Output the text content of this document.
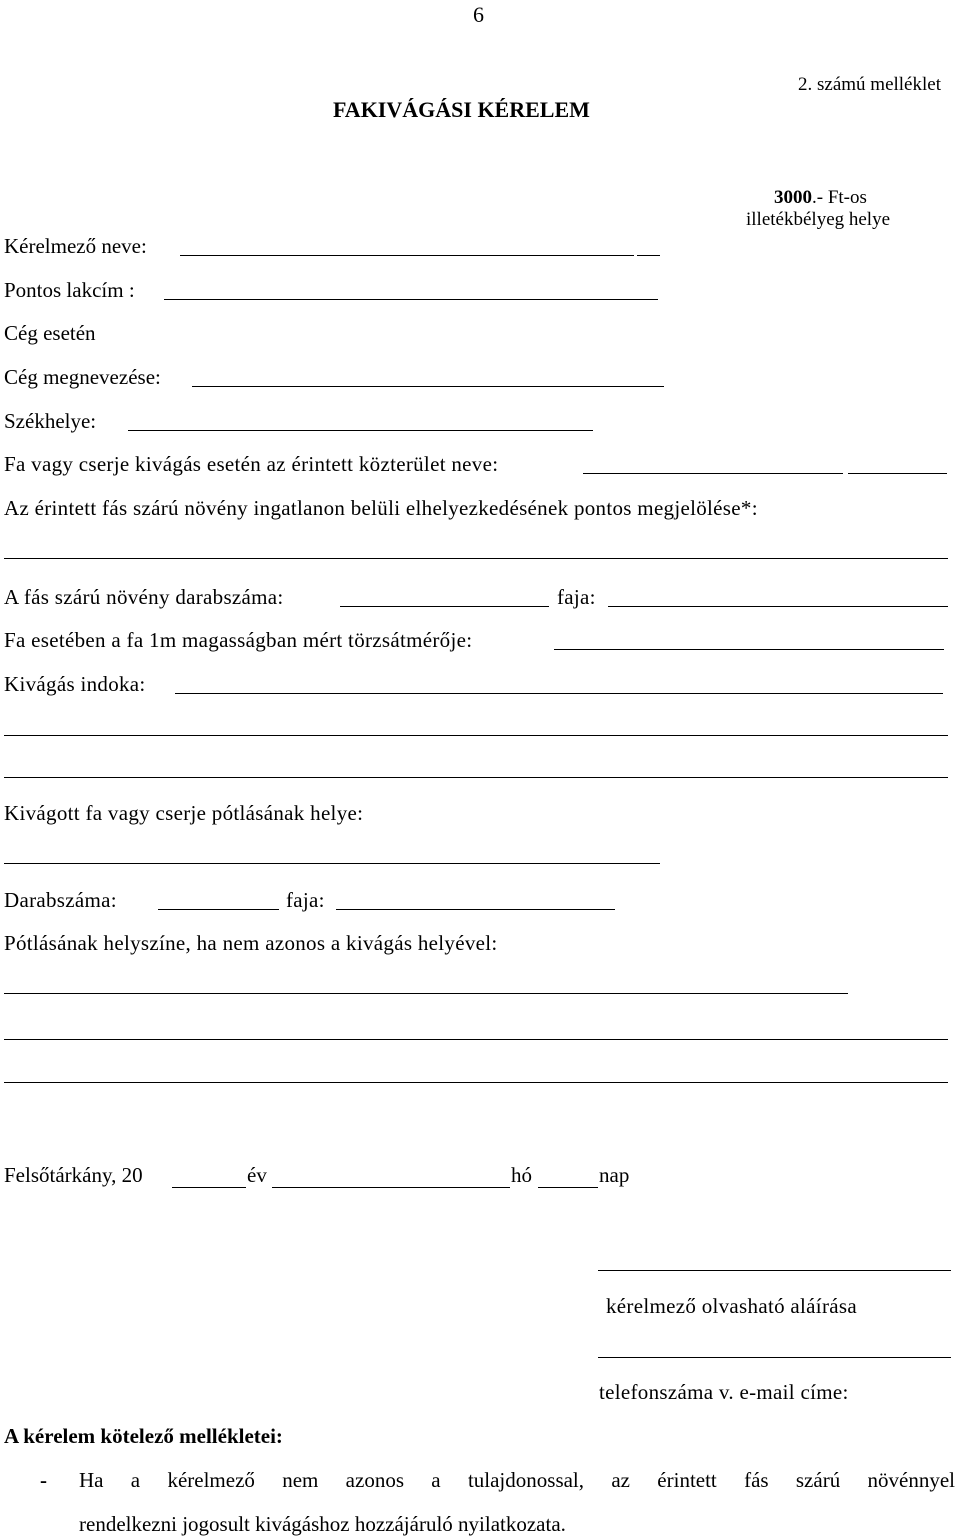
6
2. számú melléklet
FAKIVÁGÁSI KÉRELEM
3000.- Ft-os
illetékbélyeg helye
Kérelmező neve:
Pontos lakcím :
Cég esetén
Cég megnevezése:
Székhelye:
Fa vagy cserje kivágás esetén az érintett közterület neve:
Az érintett fás szárú növény ingatlanon belüli elhelyezkedésének pontos megjelölése*:
A fás szárú növény darabszáma:	faja:
Fa esetében a fa 1m magasságban mért törzsátmérője:
Kivágás indoka:
Kivágott fa vagy cserje pótlásának helye:
Darabszáma:	faja:
Pótlásának helyszíne, ha nem azonos a kivágás helyével:
Felsőtárkány, 20	év	hó	nap
kérelmező olvasható aláírása
telefonszáma v. e-mail címe:
A kérelem kötelező mellékletei:
- Ha a kérelmező nem azonos a tulajdonossal, az érintett fás szárú növénnyel
rendelkezni jogosult kivágáshoz hozzájáruló nyilatkozata.
